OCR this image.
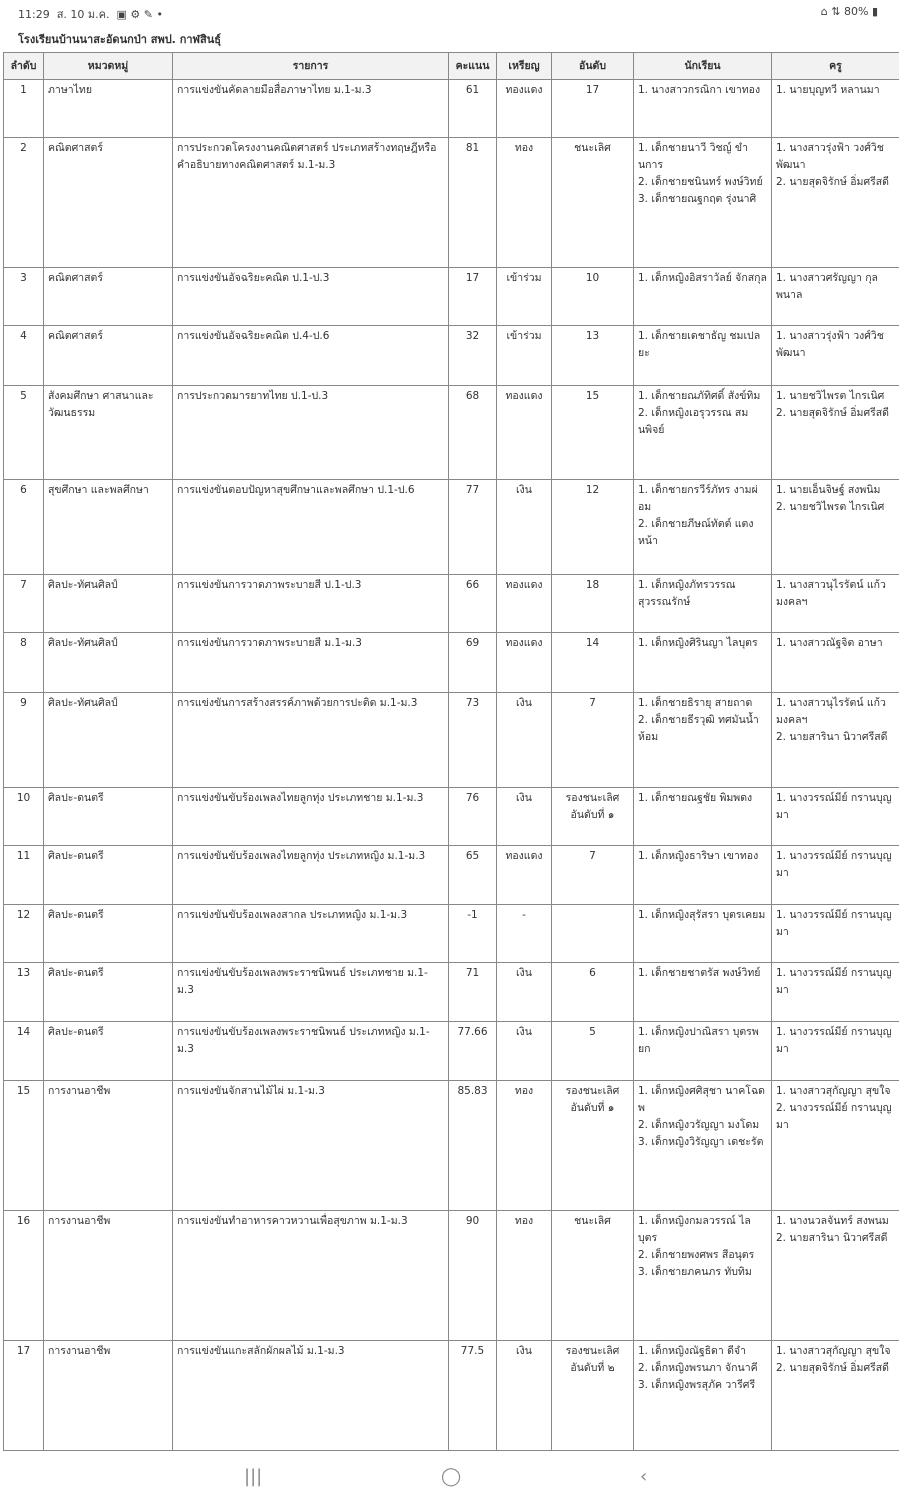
11:29 ส. 10 ม.ค. ▣ ⚙ ✎ •	⌂ ⇅ 80% ▮
โรงเรียนบ้านนาสะอัดนกป่า สพป. กาฬสินธุ์
ลำดับ	หมวดหมู่	รายการ	คะแนน	เหรียญ	อันดับ	นักเรียน	ครู
1	ภาษาไทย	การแข่งขันคัดลายมือสื่อภาษาไทย ม.1-ม.3	61	ทองแดง	17	1. นางสาวกรณิกา เขาทอง	1. นายบุญทวี หลานมา

2	คณิตศาสตร์	การประกวดโครงงานคณิตศาสตร์ ประเภทสร้างทฤษฎีหรือคำอธิบายทางคณิตศาสตร์ ม.1-ม.3	81	ทอง	ชนะเลิศ	1. เด็กชายนาวี วิชญ์ ขำนการ
2. เด็กชายชนินทร์ พงษ์วิทย์
3. เด็กชายณฐกฤต รุ่งนาศิ	1. นางสาวรุ่งฟ้า วงศ์วิชพัฒนา
2. นายสุดจิรักษ์ อิ่มศรีสดี

3	คณิตศาสตร์	การแข่งขันอัจฉริยะคณิต ป.1-ป.3	17	เข้าร่วม	10	1. เด็กหญิงอิสราวัลย์ จักสกุล	1. นางสาวศรัญญา กุลพนาล

4	คณิตศาสตร์	การแข่งขันอัจฉริยะคณิต ป.4-ป.6	32	เข้าร่วม	13	1. เด็กชายเดชาธัญ ชมเปลยะ	1. นางสาวรุ่งฟ้า วงศ์วิชพัฒนา

5	สังคมศึกษา ศาสนาและวัฒนธรรม	การประกวดมารยาทไทย ป.1-ป.3	68	ทองแดง	15	1. เด็กชายณภัทิศดิ์ สังข์ทิม
2. เด็กหญิงเอรุวรรณ สมนพิจย์	1. นายชวิไพรต ไกรเนิศ
2. นายสุดจิรักษ์ อิ่มศรีสดี

6	สุขศึกษา และพลศึกษา	การแข่งขันตอบปัญหาสุขศึกษาและพลศึกษา ป.1-ป.6	77	เงิน	12	1. เด็กชายกรวีร์ภัทร งามผ่อม
2. เด็กชายภีษณ์ทัตต์ แตงหน้า	1. นายเอ็นจิษฐ์ สงพนิม
2. นายชวิไพรต ไกรเนิศ

7	ศิลปะ-ทัศนศิลป์	การแข่งขันการวาดภาพระบายสี ป.1-ป.3	66	ทองแดง	18	1. เด็กหญิงภัทรวรรณ สุวรรณรักษ์	1. นางสาวนุไรรัตน์ แก้วมงคลฯ

8	ศิลปะ-ทัศนศิลป์	การแข่งขันการวาดภาพระบายสี ม.1-ม.3	69	ทองแดง	14	1. เด็กหญิงศิรินญา ไลบุตร	1. นางสาวณัฐจิต อาษา

9	ศิลปะ-ทัศนศิลป์	การแข่งขันการสร้างสรรค์ภาพด้วยการปะติด ม.1-ม.3	73	เงิน	7	1. เด็กชายธิรายุ สายถาด
2. เด็กชายธีรวุฒิ ทศมันน้ำห้อม	1. นางสาวนุไรรัตน์ แก้วมงคลฯ
2. นายสารินา นิวาศรีสดี

10	ศิลปะ-ดนตรี	การแข่งขันขับร้องเพลงไทยลูกทุ่ง ประเภทชาย ม.1-ม.3	76	เงิน	รองชนะเลิศ อันดับที่ ๑	1. เด็กชายณฐชัย พิมพดง	1. นางวรรณ์มีย์ กรานบุญมา

11	ศิลปะ-ดนตรี	การแข่งขันขับร้องเพลงไทยลูกทุ่ง ประเภทหญิง ม.1-ม.3	65	ทองแดง	7	1. เด็กหญิงธาริษา เขาทอง	1. นางวรรณ์มีย์ กรานบุญมา

12	ศิลปะ-ดนตรี	การแข่งขันขับร้องเพลงสากล ประเภทหญิง ม.1-ม.3	-1	-		1. เด็กหญิงสุรัสรา บุตรเคยม	1. นางวรรณ์มีย์ กรานบุญมา

13	ศิลปะ-ดนตรี	การแข่งขันขับร้องเพลงพระราชนิพนธ์ ประเภทชาย ม.1-ม.3	71	เงิน	6	1. เด็กชายชาตรัส พงษ์วิทย์	1. นางวรรณ์มีย์ กรานบุญมา

14	ศิลปะ-ดนตรี	การแข่งขันขับร้องเพลงพระราชนิพนธ์ ประเภทหญิง ม.1-ม.3	77.66	เงิน	5	1. เด็กหญิงปาณิสรา บุตรพยก	1. นางวรรณ์มีย์ กรานบุญมา

15	การงานอาชีพ	การแข่งขันจักสานไม้ไผ่ ม.1-ม.3	85.83	ทอง	รองชนะเลิศ อันดับที่ ๑	1. เด็กหญิงศศิสุชา นาคโฉดพ
2. เด็กหญิงวรัญญา มงโดม
3. เด็กหญิงวิรัญญา เดชะรัต	1. นางสาวสุกัญญา สุขใจ
2. นางวรรณ์มีย์ กรานบุญมา

16	การงานอาชีพ	การแข่งขันทำอาหารคาวหวานเพื่อสุขภาพ ม.1-ม.3	90	ทอง	ชนะเลิศ	1. เด็กหญิงกมลวรรณ์ ไลบุตร
2. เด็กชายพงศพร สีอนุตร
3. เด็กชายภคนภร ทับทิม	1. นางนวลจันทร์ สงพนม
2. นายสารินา นิวาศรีสดี

17	การงานอาชีพ	การแข่งขันแกะสลักผักผลไม้ ม.1-ม.3	77.5	เงิน	รองชนะเลิศ อันดับที่ ๒	1. เด็กหญิงณัฐธิดา ดีจำ
2. เด็กหญิงพรนภา จักนาคี
3. เด็กหญิงพรสุภัค วารีศรี	1. นางสาวสุกัญญา สุขใจ
2. นายสุดจิรักษ์ อิ่มศรีสดี
|||	◯	‹
